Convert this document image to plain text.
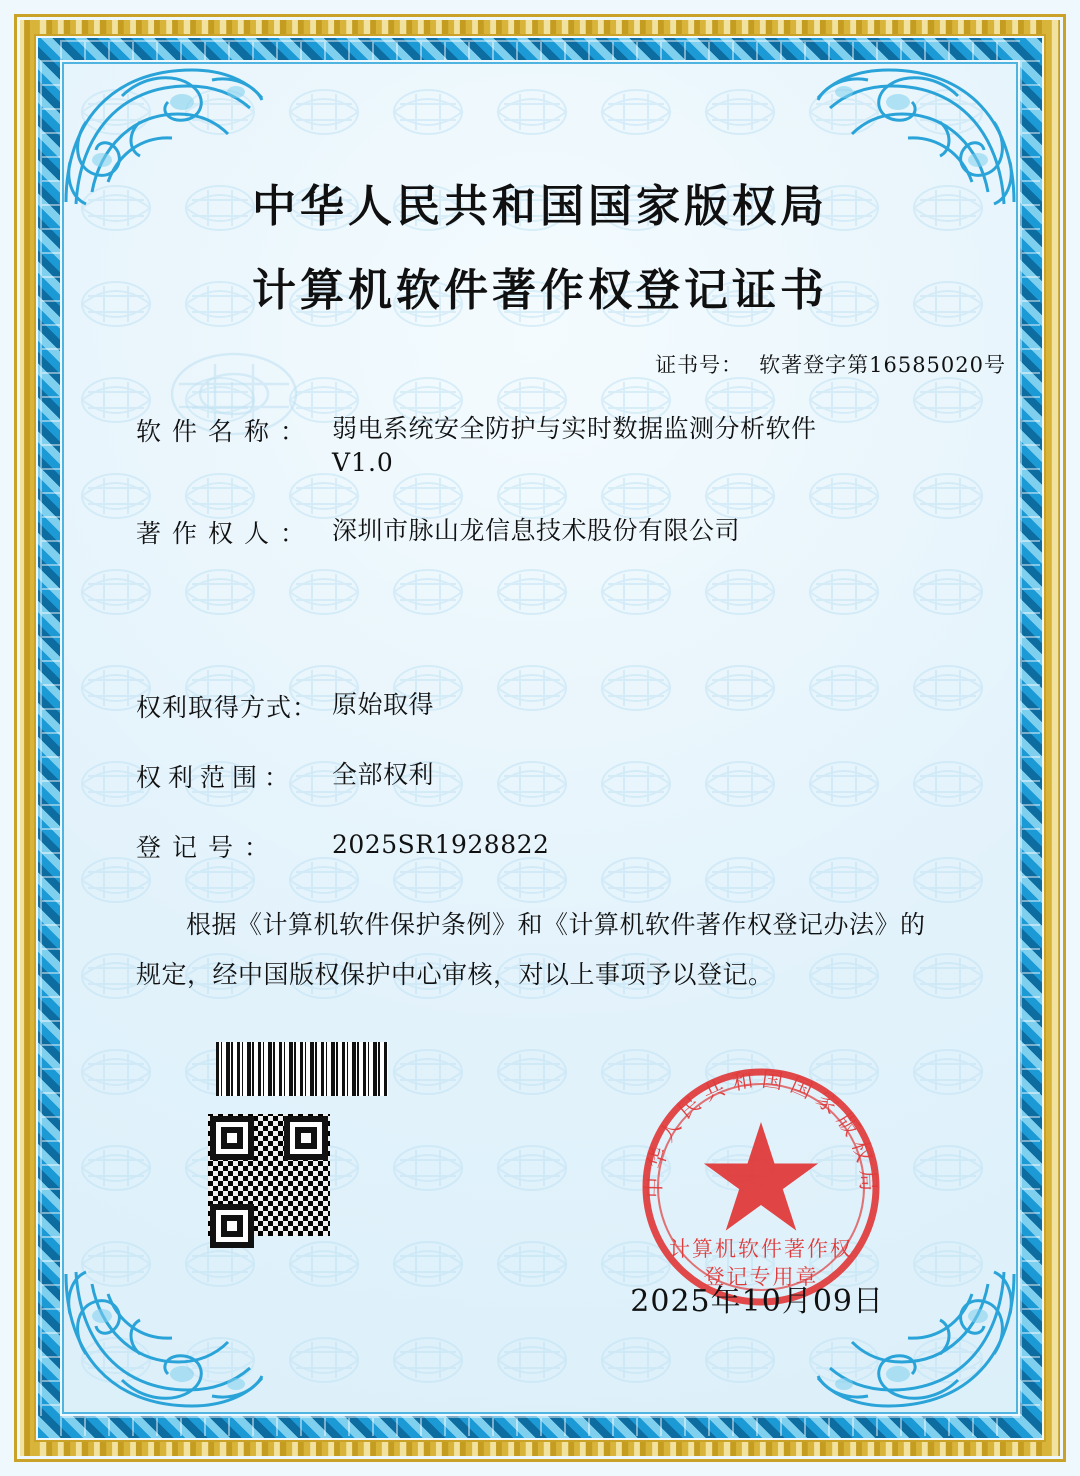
中华人民共和国国家版权局
计算机软件著作权登记证书
证书号： 软著登字第16585020号
软件名称： 弱电系统安全防护与实时数据监测分析软件
V1.0
著作权人： 深圳市脉山龙信息技术股份有限公司
权利取得方式： 原始取得
权利范围：	全部权利
登记号：	2025SR1928822
根据《计算机软件保护条例》和《计算机软件著作权登记办法》的
规定，经中国版权保护中心审核，对以上事项予以登记。
中华人民共和国国家版权局
计算机软件著作权
登记专用章
2025年10月09日
